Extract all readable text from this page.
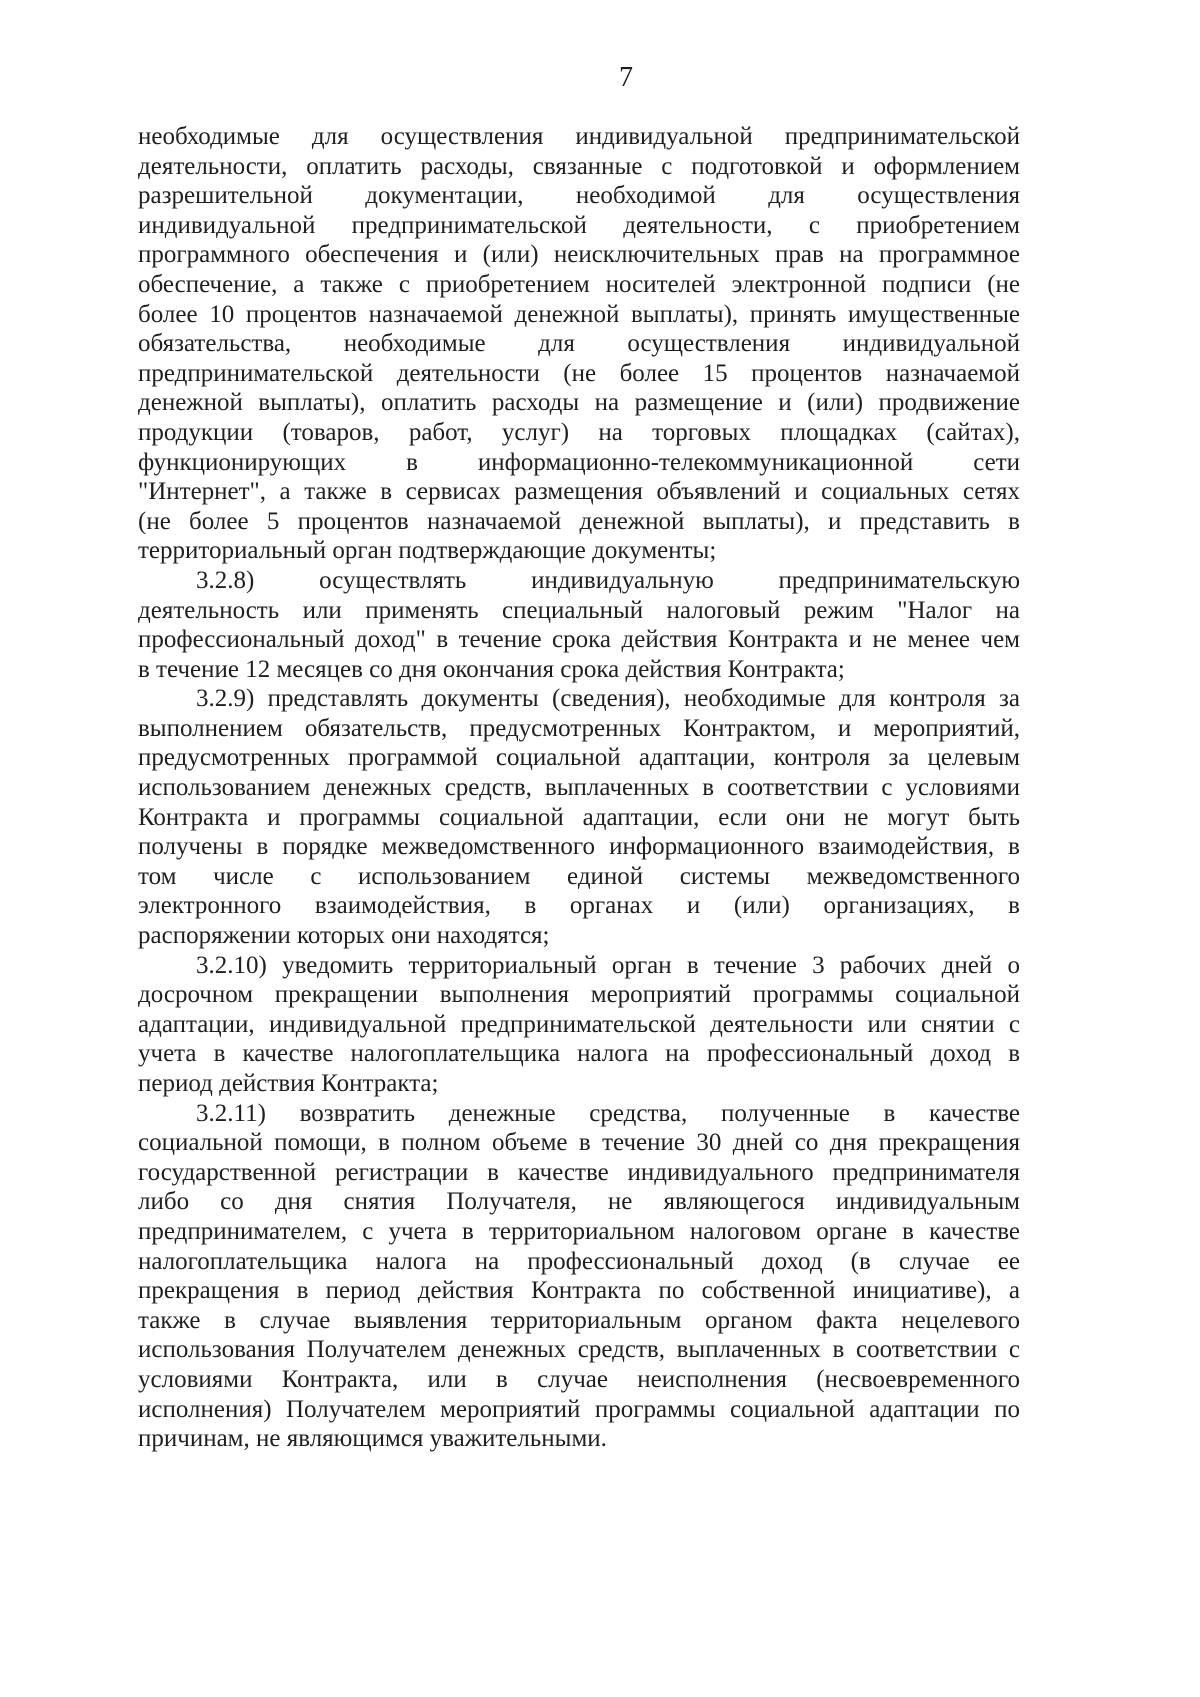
7
необходимые для осуществления индивидуальной предпринимательской
деятельности, оплатить расходы, связанные с подготовкой и оформлением
разрешительной документации, необходимой для осуществления
индивидуальной предпринимательской деятельности, с приобретением
программного обеспечения и (или) неисключительных прав на программное
обеспечение, а также с приобретением носителей электронной подписи (не
более 10 процентов назначаемой денежной выплаты), принять имущественные
обязательства, необходимые для осуществления индивидуальной
предпринимательской деятельности (не более 15 процентов назначаемой
денежной выплаты), оплатить расходы на размещение и (или) продвижение
продукции (товаров, работ, услуг) на торговых площадках (сайтах),
функционирующих в информационно-телекоммуникационной сети
"Интернет", а также в сервисах размещения объявлений и социальных сетях
(не более 5 процентов назначаемой денежной выплаты), и представить в
территориальный орган подтверждающие документы;
3.2.8) осуществлять индивидуальную предпринимательскую
деятельность или применять специальный налоговый режим "Налог на
профессиональный доход" в течение срока действия Контракта и не менее чем
в течение 12 месяцев со дня окончания срока действия Контракта;
3.2.9) представлять документы (сведения), необходимые для контроля за
выполнением обязательств, предусмотренных Контрактом, и мероприятий,
предусмотренных программой социальной адаптации, контроля за целевым
использованием денежных средств, выплаченных в соответствии с условиями
Контракта и программы социальной адаптации, если они не могут быть
получены в порядке межведомственного информационного взаимодействия, в
том числе с использованием единой системы межведомственного
электронного взаимодействия, в органах и (или) организациях, в
распоряжении которых они находятся;
3.2.10) уведомить территориальный орган в течение 3 рабочих дней о
досрочном прекращении выполнения мероприятий программы социальной
адаптации, индивидуальной предпринимательской деятельности или снятии с
учета в качестве налогоплательщика налога на профессиональный доход в
период действия Контракта;
3.2.11) возвратить денежные средства, полученные в качестве
социальной помощи, в полном объеме в течение 30 дней со дня прекращения
государственной регистрации в качестве индивидуального предпринимателя
либо со дня снятия Получателя, не являющегося индивидуальным
предпринимателем, с учета в территориальном налоговом органе в качестве
налогоплательщика налога на профессиональный доход (в случае ее
прекращения в период действия Контракта по собственной инициативе), а
также в случае выявления территориальным органом факта нецелевого
использования Получателем денежных средств, выплаченных в соответствии с
условиями Контракта, или в случае неисполнения (несвоевременного
исполнения) Получателем мероприятий программы социальной адаптации по
причинам, не являющимся уважительными.
